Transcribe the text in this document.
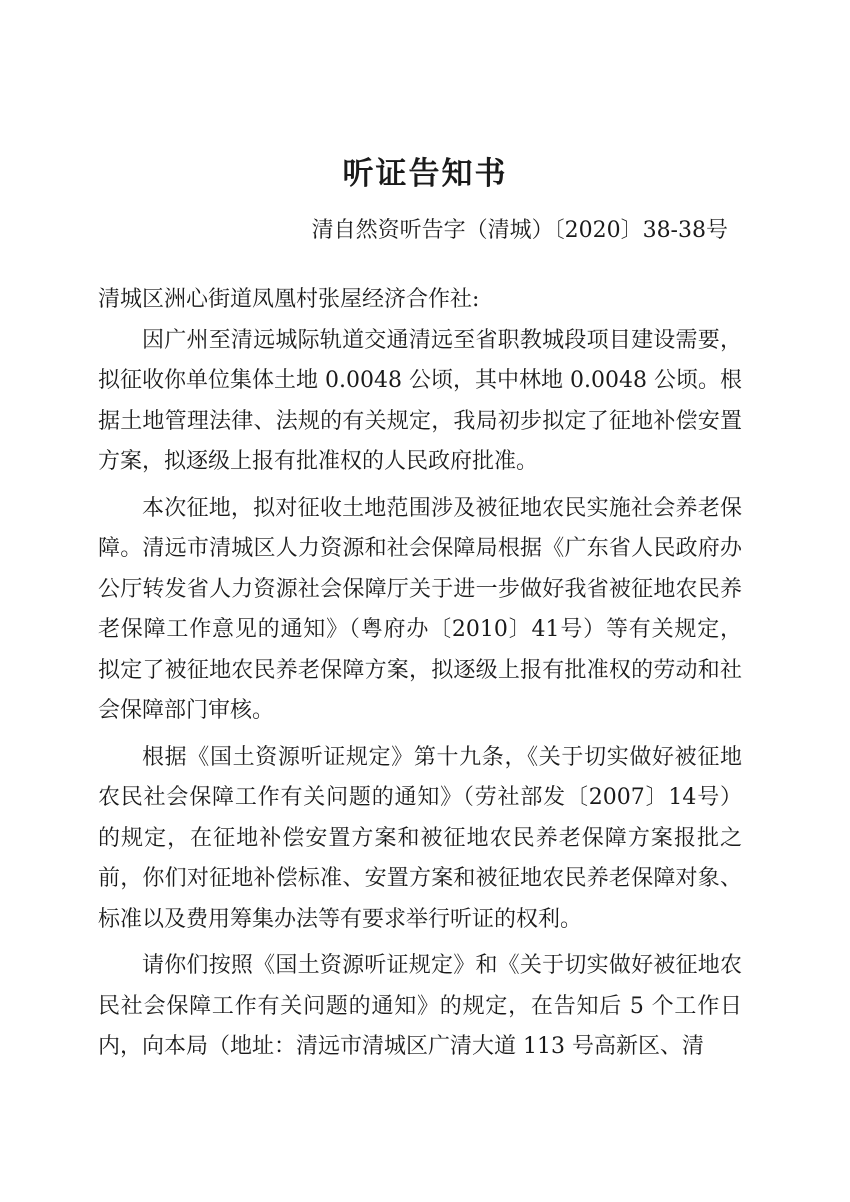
听证告知书

清自然资听告字（清城）〔2020〕38-38号

清城区洲心街道凤凰村张屋经济合作社:

因广州至清远城际轨道交通清远至省职教城段项目建设需要，拟征收你单位集体土地 0.0048 公顷，其中林地 0.0048 公顷。根据土地管理法律、法规的有关规定，我局初步拟定了征地补偿安置方案，拟逐级上报有批准权的人民政府批准。

本次征地，拟对征收土地范围涉及被征地农民实施社会养老保障。清远市清城区人力资源和社会保障局根据《广东省人民政府办公厅转发省人力资源社会保障厅关于进一步做好我省被征地农民养老保障工作意见的通知》（粤府办〔2010〕41号）等有关规定，拟定了被征地农民养老保障方案，拟逐级上报有批准权的劳动和社会保障部门审核。

根据《国土资源听证规定》第十九条，《关于切实做好被征地农民社会保障工作有关问题的通知》（劳社部发〔2007〕14号）的规定，在征地补偿安置方案和被征地农民养老保障方案报批之前，你们对征地补偿标准、安置方案和被征地农民养老保障对象、标准以及费用筹集办法等有要求举行听证的权利。

请你们按照《国土资源听证规定》和《关于切实做好被征地农民社会保障工作有关问题的通知》的规定，在告知后 5 个工作日内，向本局（地址：清远市清城区广清大道 113 号高新区、清
